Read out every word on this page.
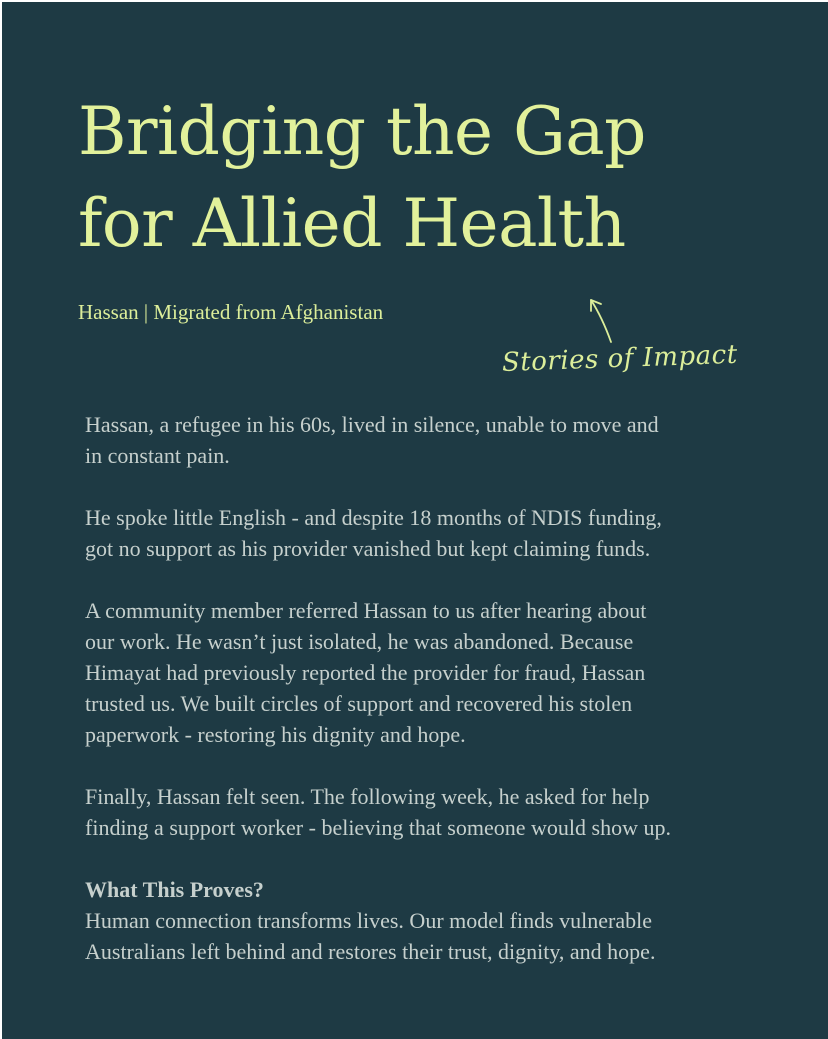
Bridging the Gap
for Allied Health
Hassan | Migrated from Afghanistan
Stories of Impact

Hassan, a refugee in his 60s, lived in silence, unable to move and
in constant pain.

He spoke little English - and despite 18 months of NDIS funding,
got no support as his provider vanished but kept claiming funds.

A community member referred Hassan to us after hearing about
our work. He wasn’t just isolated, he was abandoned. Because
Himayat had previously reported the provider for fraud, Hassan
trusted us. We built circles of support and recovered his stolen
paperwork - restoring his dignity and hope.

Finally, Hassan felt seen. The following week, he asked for help
finding a support worker - believing that someone would show up.

What This Proves?
Human connection transforms lives. Our model finds vulnerable
Australians left behind and restores their trust, dignity, and hope.
